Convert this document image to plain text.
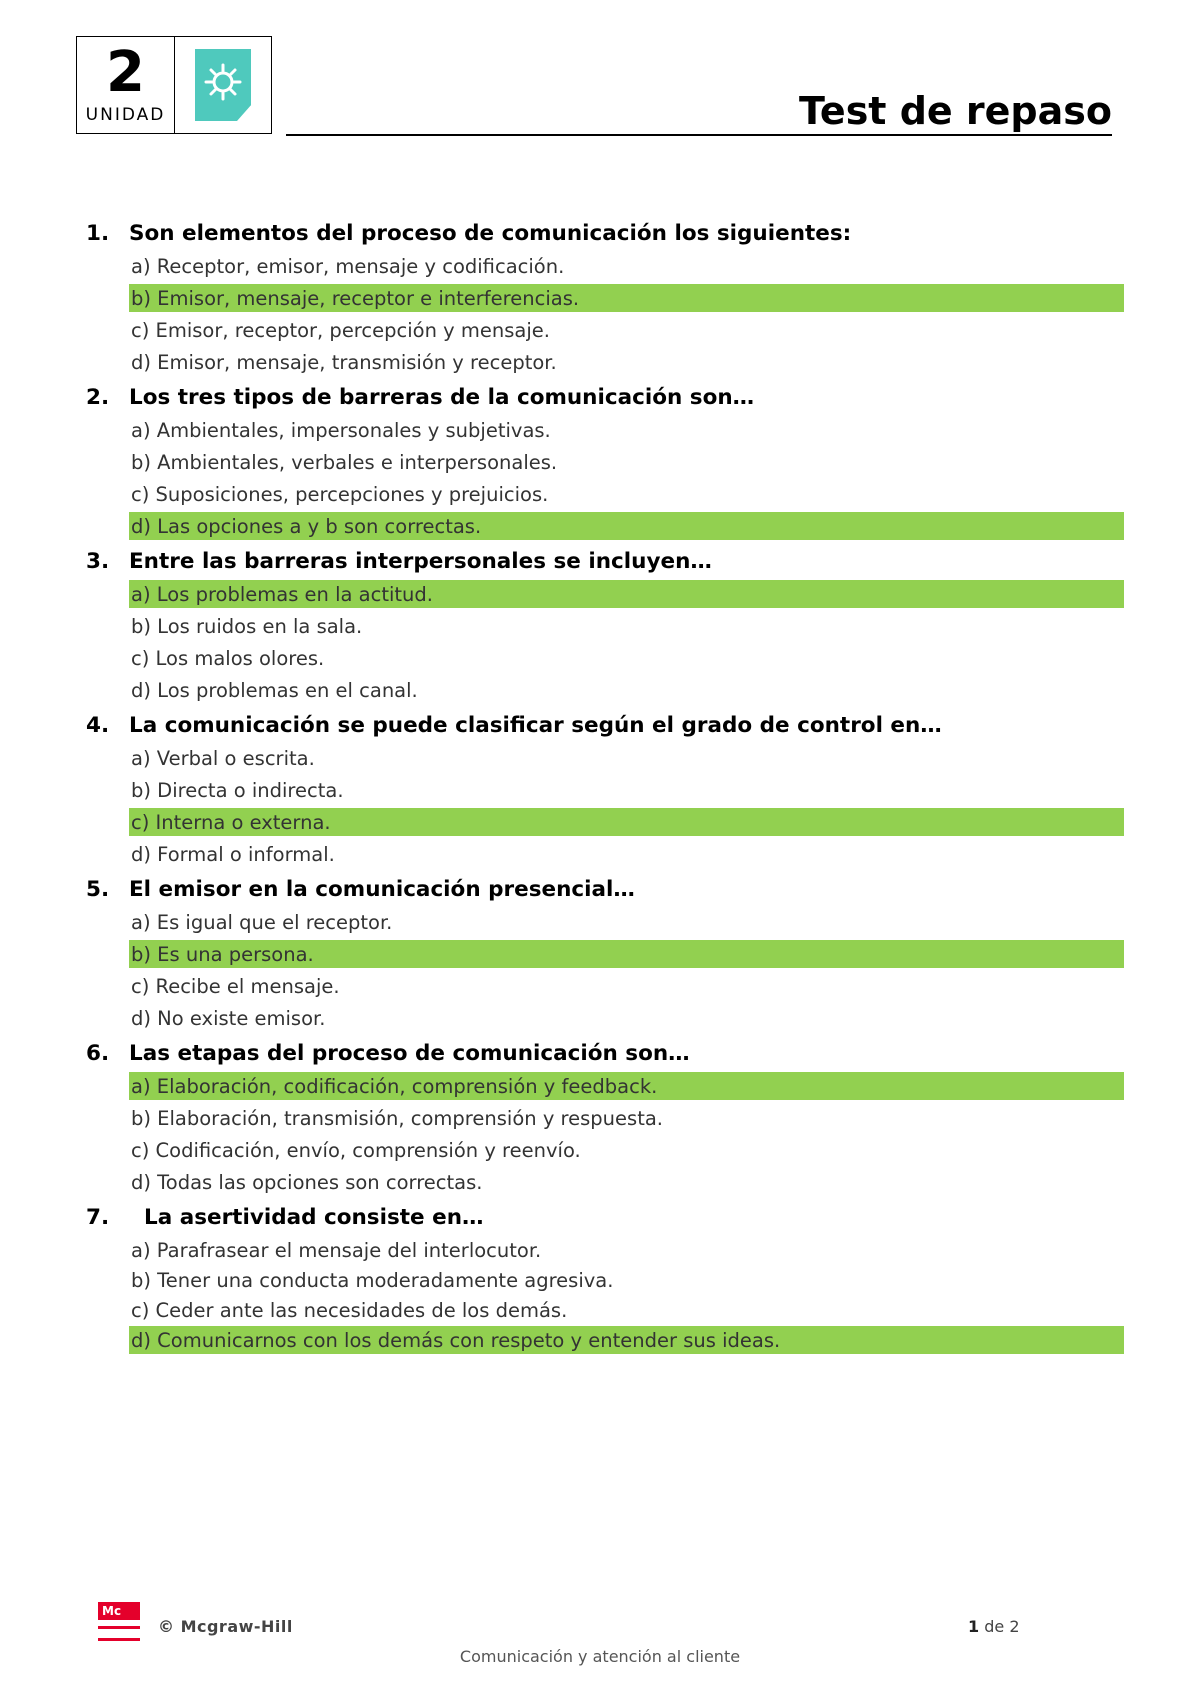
2
UNIDAD	Test de repaso
1. Son elementos del proceso de comunicación los siguientes:
a) Receptor, emisor, mensaje y codificación.
b) Emisor, mensaje, receptor e interferencias.
c) Emisor, receptor, percepción y mensaje.
d) Emisor, mensaje, transmisión y receptor.
2. Los tres tipos de barreras de la comunicación son…
a) Ambientales, impersonales y subjetivas.
b) Ambientales, verbales e interpersonales.
c) Suposiciones, percepciones y prejuicios.
d) Las opciones a y b son correctas.
3. Entre las barreras interpersonales se incluyen…
a) Los problemas en la actitud.
b) Los ruidos en la sala.
c) Los malos olores.
d) Los problemas en el canal.
4. La comunicación se puede clasificar según el grado de control en…
a) Verbal o escrita.
b) Directa o indirecta.
c) Interna o externa.
d) Formal o informal.
5. El emisor en la comunicación presencial…
a) Es igual que el receptor.
b) Es una persona.
c) Recibe el mensaje.
d) No existe emisor.
6. Las etapas del proceso de comunicación son…
a) Elaboración, codificación, comprensión y feedback.
b) Elaboración, transmisión, comprensión y respuesta.
c) Codificación, envío, comprensión y reenvío.
d) Todas las opciones son correctas.
7. La asertividad consiste en…
a) Parafrasear el mensaje del interlocutor.
b) Tener una conducta moderadamente agresiva.
c) Ceder ante las necesidades de los demás.
d) Comunicarnos con los demás con respeto y entender sus ideas.
Mc
© Mcgraw-Hill	1 de 2
Comunicación y atención al cliente
